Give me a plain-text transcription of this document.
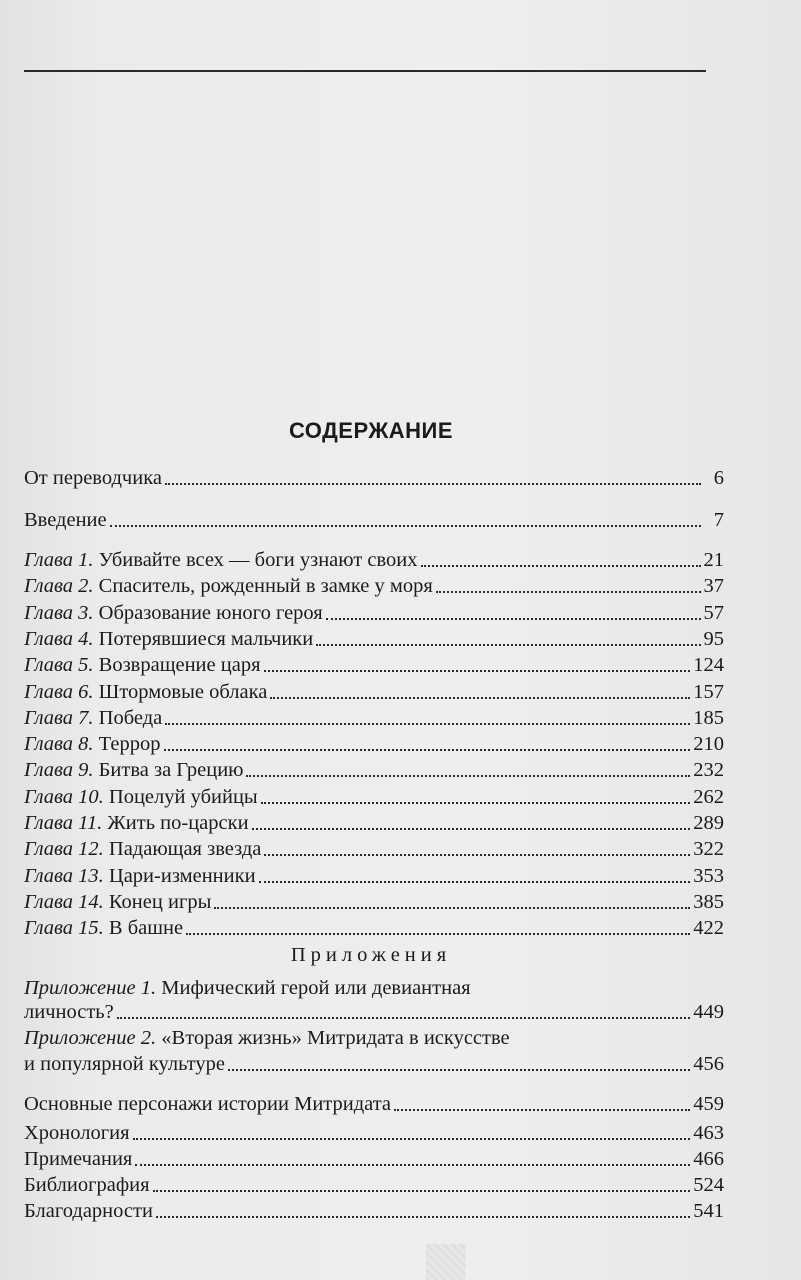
СОДЕРЖАНИЕ
От переводчика	6
Введение	7
Глава 1. Убивайте всех — боги узнают своих	21
Глава 2. Спаситель, рожденный в замке у моря	37
Глава 3. Образование юного героя	57
Глава 4. Потерявшиеся мальчики	95
Глава 5. Возвращение царя	124
Глава 6. Штормовые облака	157
Глава 7. Победа	185
Глава 8. Террор	210
Глава 9. Битва за Грецию	232
Глава 10. Поцелуй убийцы	262
Глава 11. Жить по-царски	289
Глава 12. Падающая звезда	322
Глава 13. Цари-изменники	353
Глава 14. Конец игры	385
Глава 15. В башне	422
Приложения
Приложение 1. Мифический герой или девиантная
личность?	449
Приложение 2. «Вторая жизнь» Митридата в искусстве
и популярной культуре	456
Основные персонажи истории Митридата	459
Хронология	463
Примечания	466
Библиография	524
Благодарности	541
